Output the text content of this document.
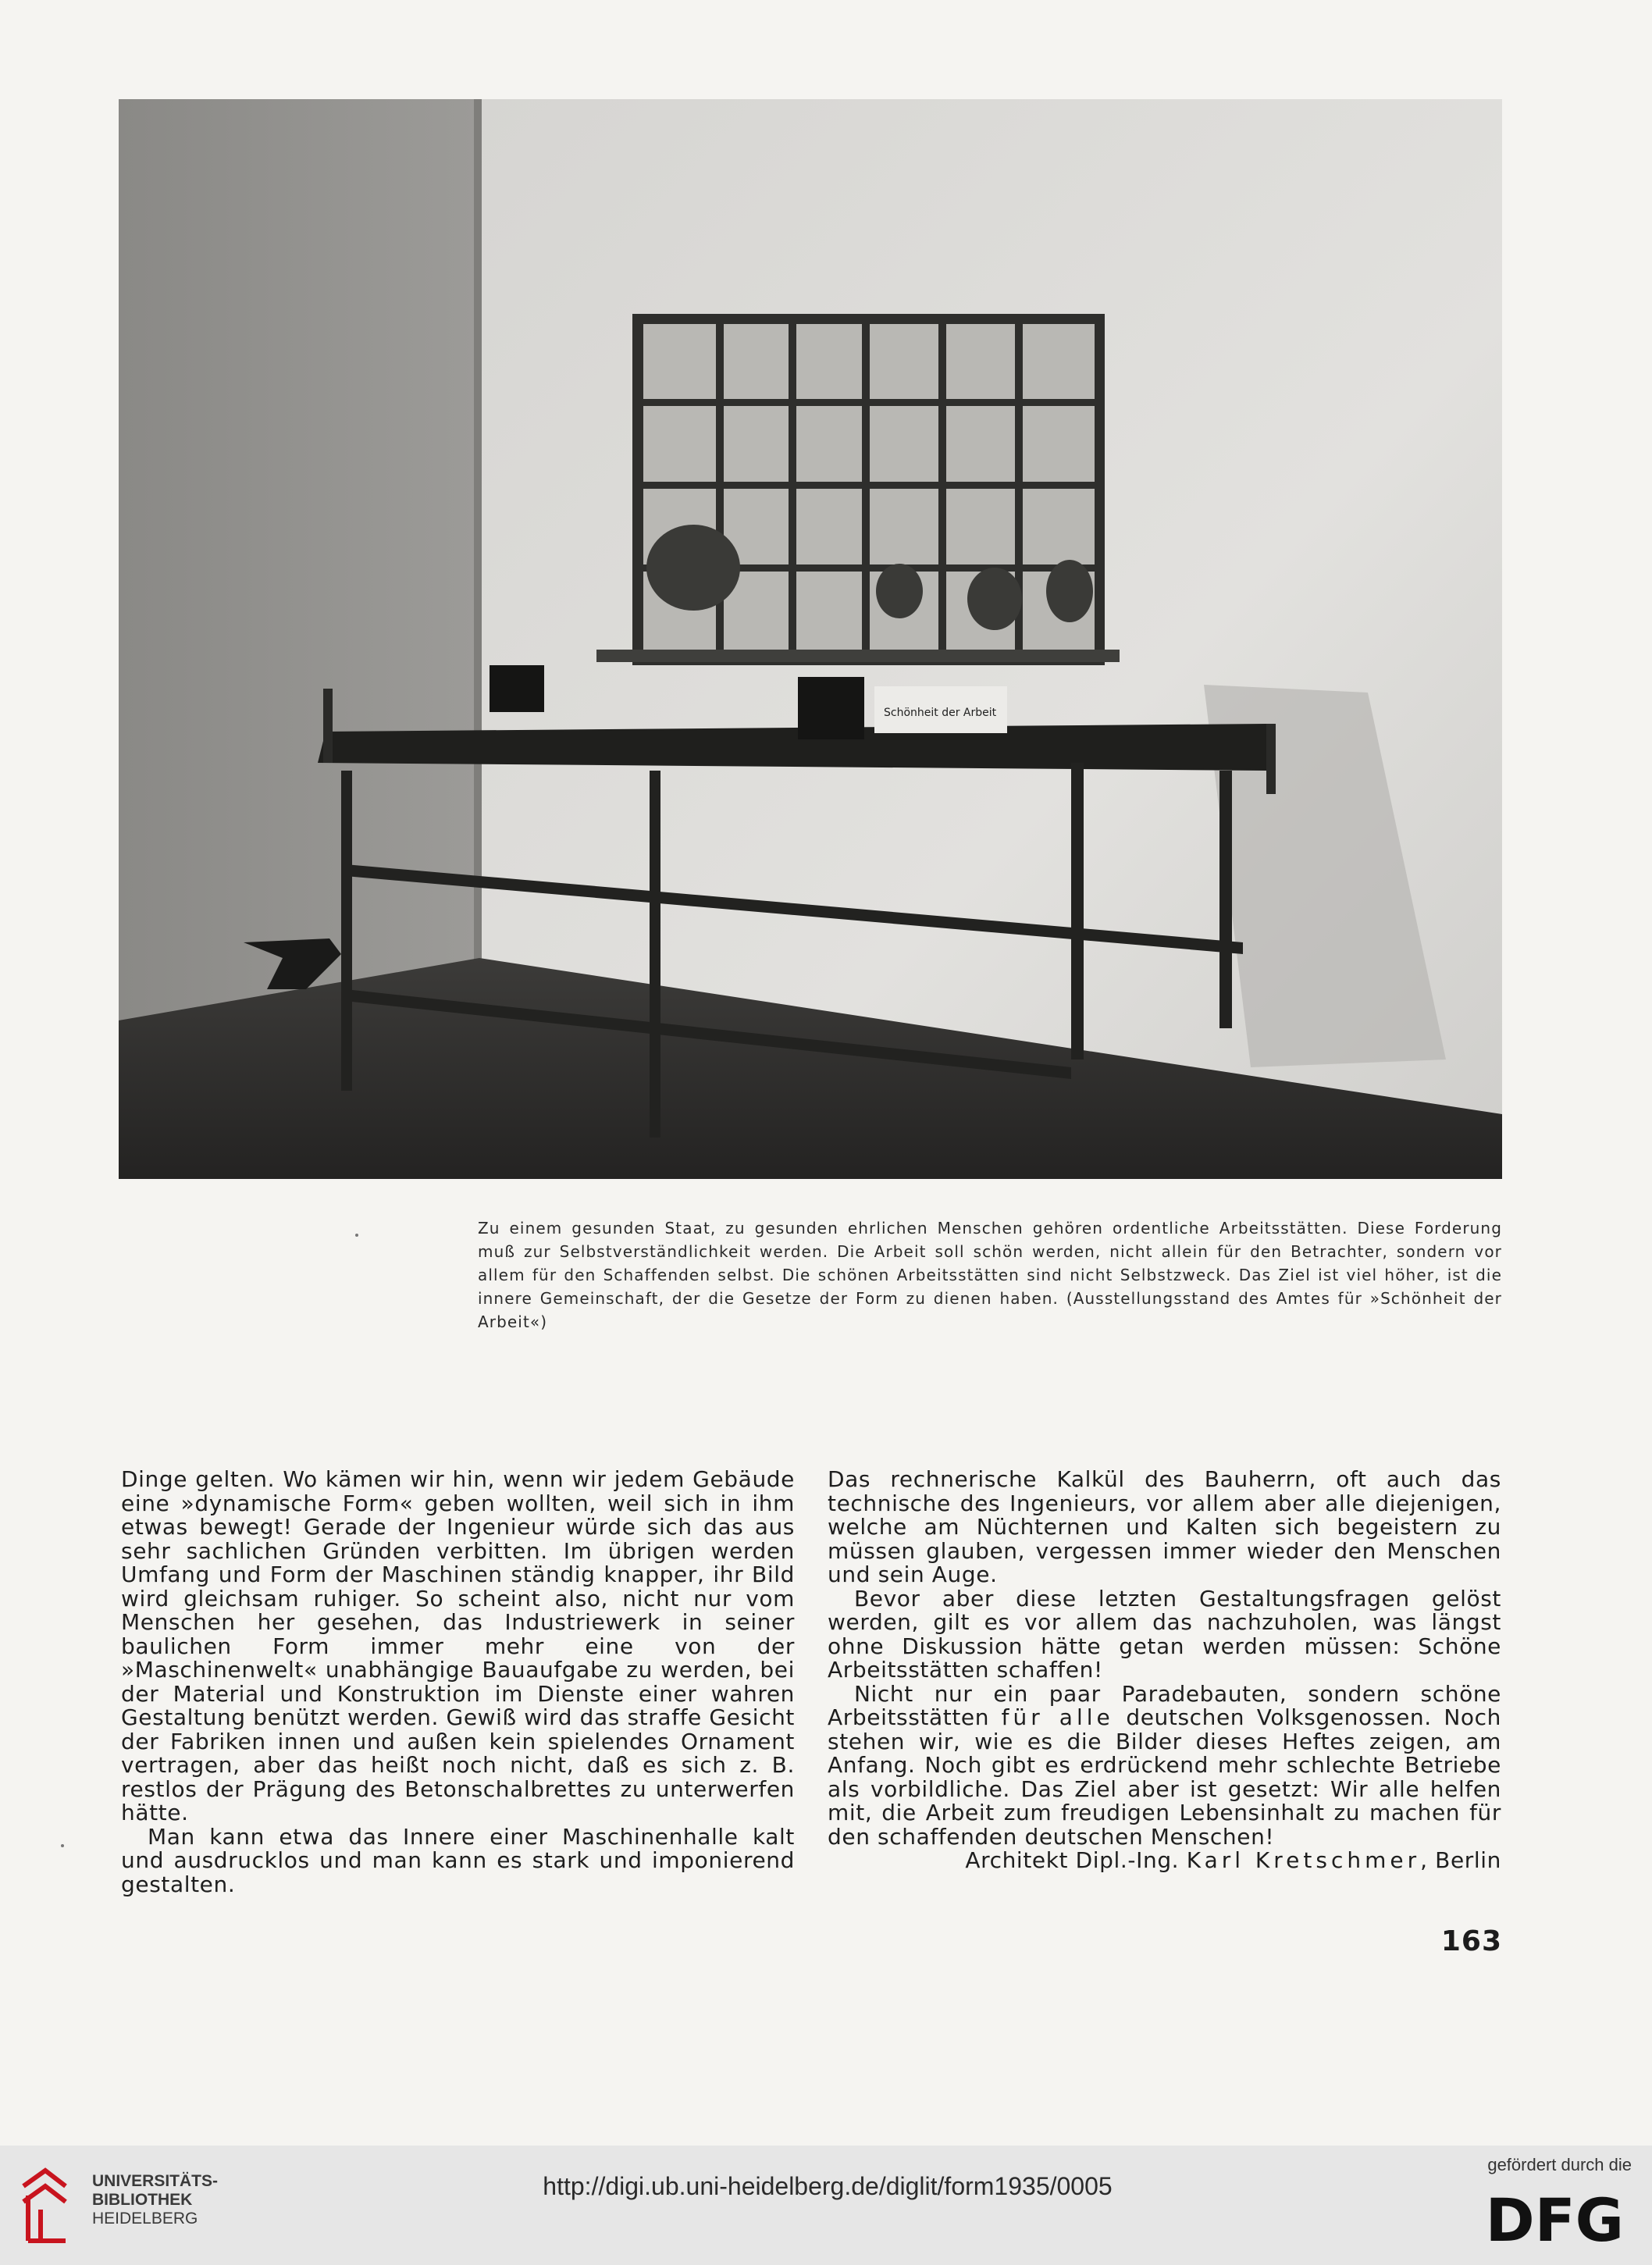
Schönheit der Arbeit
Zu einem gesunden Staat, zu gesunden ehrlichen Menschen gehören ordentliche Arbeitsstätten. Diese Forderung muß zur Selbstverständlichkeit werden. Die Arbeit soll schön werden, nicht allein für den Betrachter, sondern vor allem für den Schaffenden selbst. Die schönen Arbeitsstätten sind nicht Selbstzweck. Das Ziel ist viel höher, ist die innere Gemeinschaft, der die Gesetze der Form zu dienen haben. (Ausstellungsstand des Amtes für »Schönheit der Arbeit«)

Dinge gelten. Wo kämen wir hin, wenn wir jedem Gebäude eine »dynamische Form« geben wollten, weil sich in ihm etwas bewegt! Gerade der Ingenieur würde sich das aus sehr sachlichen Gründen verbitten. Im übrigen werden Umfang und Form der Maschinen ständig knapper, ihr Bild wird gleichsam ruhiger. So scheint also, nicht nur vom Menschen her gesehen, das Industriewerk in seiner baulichen Form immer mehr eine von der »Maschinenwelt« unabhängige Bauaufgabe zu werden, bei der Material und Konstruktion im Dienste einer wahren Gestaltung benützt werden. Gewiß wird das straffe Gesicht der Fabriken innen und außen kein spielendes Ornament vertragen, aber das heißt noch nicht, daß es sich z. B. restlos der Prägung des Betonschalbrettes zu unterwerfen hätte.

Man kann etwa das Innere einer Maschinenhalle kalt und ausdrucklos und man kann es stark und imponierend gestalten.

Das rechnerische Kalkül des Bauherrn, oft auch das technische des Ingenieurs, vor allem aber alle diejenigen, welche am Nüchternen und Kalten sich begeistern zu müssen glauben, vergessen immer wieder den Menschen und sein Auge.

Bevor aber diese letzten Gestaltungsfragen gelöst werden, gilt es vor allem das nachzuholen, was längst ohne Diskussion hätte getan werden müssen: Schöne Arbeitsstätten schaffen!

Nicht nur ein paar Paradebauten, sondern schöne Arbeitsstätten für alle deutschen Volksgenossen. Noch stehen wir, wie es die Bilder dieses Heftes zeigen, am Anfang. Noch gibt es erdrückend mehr schlechte Betriebe als vorbildliche. Das Ziel aber ist gesetzt: Wir alle helfen mit, die Arbeit zum freudigen Lebensinhalt zu machen für den schaffenden deutschen Menschen!

Architekt Dipl.-Ing. Karl Kretschmer, Berlin

163
UNIVERSITÄTS-
BIBLIOTHEK
HEIDELBERG
http://digi.ub.uni-heidelberg.de/diglit/form1935/0005
gefördert durch die
DFG
